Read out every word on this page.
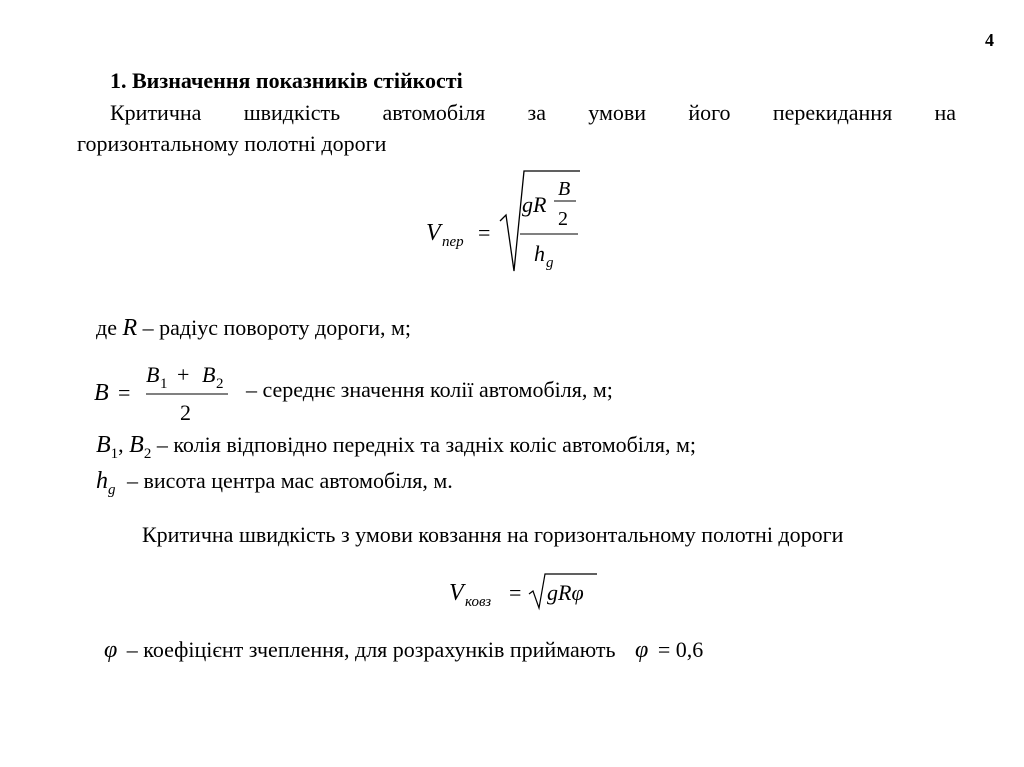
4
1. Визначення показників стійкості
Критична швидкість автомобіля за умови його перекидання на
горизонтальному полотні дороги
V пер =
gR
B
2
h g
де R – радіус повороту дороги, м;
B =
B 1 + B 2
2
– середнє значення колії автомобіля, м;
$B_1$, $B_2$ – колія відповідно передніх та задніх коліс автомобіля, м;
$h_g$ – висота центра мас автомобіля, м.
Критична швидкість з умови ковзання на горизонтальному полотні дороги
V ковз = gRφ
φ – коефіцієнт зчеплення, для розрахунків приймають φ = 0,6
